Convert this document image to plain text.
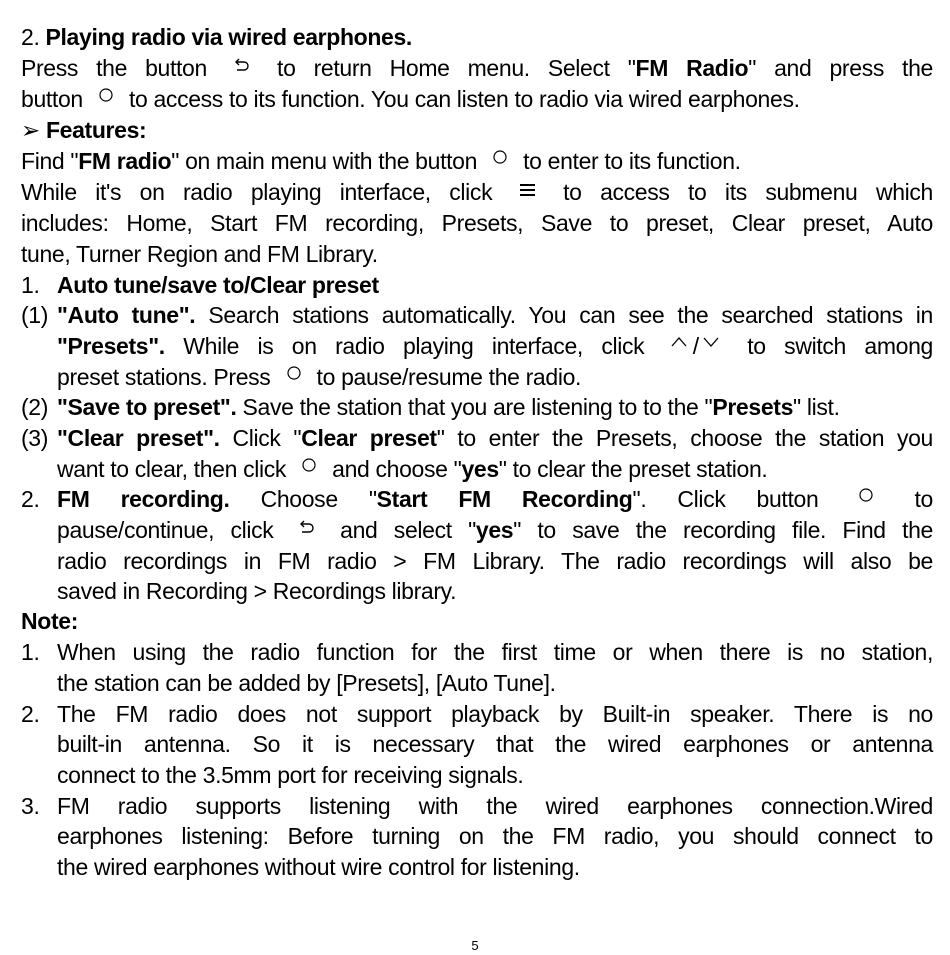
2. Playing radio via wired earphones.
Press the button	to return Home menu. Select "FM Radio" and press the
button to access to its function. You can listen to radio via wired earphones.
➢ Features:
Find "FM radio" on main menu with the button to enter to its function.
While it's on radio playing interface, click	to access to its submenu which
includes: Home, Start FM recording, Presets, Save to preset, Clear preset, Auto
tune, Turner Region and FM Library.
1. Auto tune/save to/Clear preset
(1) "Auto tune". Search stations automatically. You can see the searched stations in
"Presets". While is on radio playing interface, click / to switch among
preset stations. Press to pause/resume the radio.
(2) "Save to preset". Save the station that you are listening to to the "Presets" list.
(3) "Clear preset". Click "Clear preset" to enter the Presets, choose the station you
want to clear, then click and choose "yes" to clear the preset station.
2. FM recording. Choose "Start FM Recording". Click button	to
pause/continue, click	and select "yes" to save the recording file. Find the
radio recordings in FM radio > FM Library. The radio recordings will also be
saved in Recording > Recordings library.
Note:
1. When using the radio function for the first time or when there is no station,
the station can be added by [Presets], [Auto Tune].
2. The FM radio does not support playback by Built-in speaker. There is no
built-in antenna. So it is necessary that the wired earphones or antenna
connect to the 3.5mm port for receiving signals.
3. FM radio supports listening with the wired earphones connection.Wired
earphones listening: Before turning on the FM radio, you should connect to
the wired earphones without wire control for listening.
5
